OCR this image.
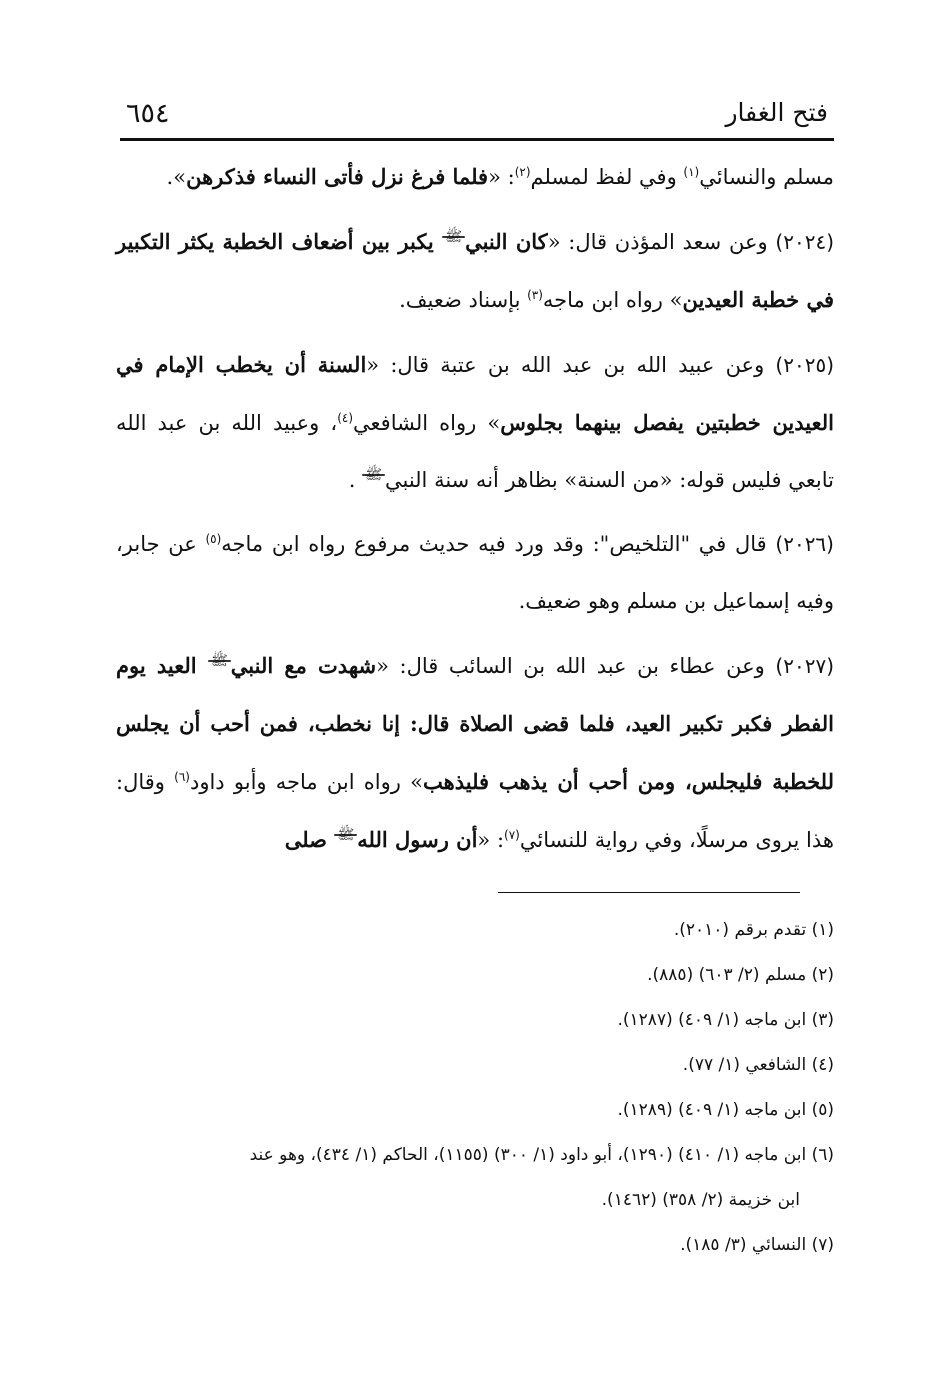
٦٥٤	فتح الغفار

مسلم والنسائي$^{(١)}$ وفي لفظ لمسلم$^{(٢)}$: «فلما فرغ نزل فأتى النساء فذكرهن».

(٢٠٢٤) وعن سعد المؤذن قال: «كان النبيﷺ يكبر بين أضعاف الخطبة يكثر التكبير في خطبة العيدين» رواه ابن ماجه$^{(٣)}$ بإسناد ضعيف.

(٢٠٢٥) وعن عبيد الله بن عبد الله بن عتبة قال: «السنة أن يخطب الإمام في العيدين خطبتين يفصل بينهما بجلوس» رواه الشافعي$^{(٤)}$، وعبيد الله بن عبد الله تابعي فليس قوله: «من السنة» بظاهر أنه سنة النبيﷺ .

(٢٠٢٦) قال في "التلخيص": وقد ورد فيه حديث مرفوع رواه ابن ماجه$^{(٥)}$ عن جابر، وفيه إسماعيل بن مسلم وهو ضعيف.

(٢٠٢٧) وعن عطاء بن عبد الله بن السائب قال: «شهدت مع النبيﷺ العيد يوم الفطر فكبر تكبير العيد، فلما قضى الصلاة قال: إنا نخطب، فمن أحب أن يجلس للخطبة فليجلس، ومن أحب أن يذهب فليذهب» رواه ابن ماجه وأبو داود$^{(٦)}$ وقال: هذا يروى مرسلًا، وفي رواية للنسائي$^{(٧)}$: «أن رسول اللهﷺ صلى

(١) تقدم برقم (٢٠١٠).

(٢) مسلم (٢/ ٦٠٣) (٨٨٥).

(٣) ابن ماجه (١/ ٤٠٩) (١٢٨٧).

(٤) الشافعي (١/ ٧٧).

(٥) ابن ماجه (١/ ٤٠٩) (١٢٨٩).

(٦) ابن ماجه (١/ ٤١٠) (١٢٩٠)، أبو داود (١/ ٣٠٠) (١١٥٥)، الحاكم (١/ ٤٣٤)، وهو عند

ابن خزيمة (٢/ ٣٥٨) (١٤٦٢).

(٧) النسائي (٣/ ١٨٥).
